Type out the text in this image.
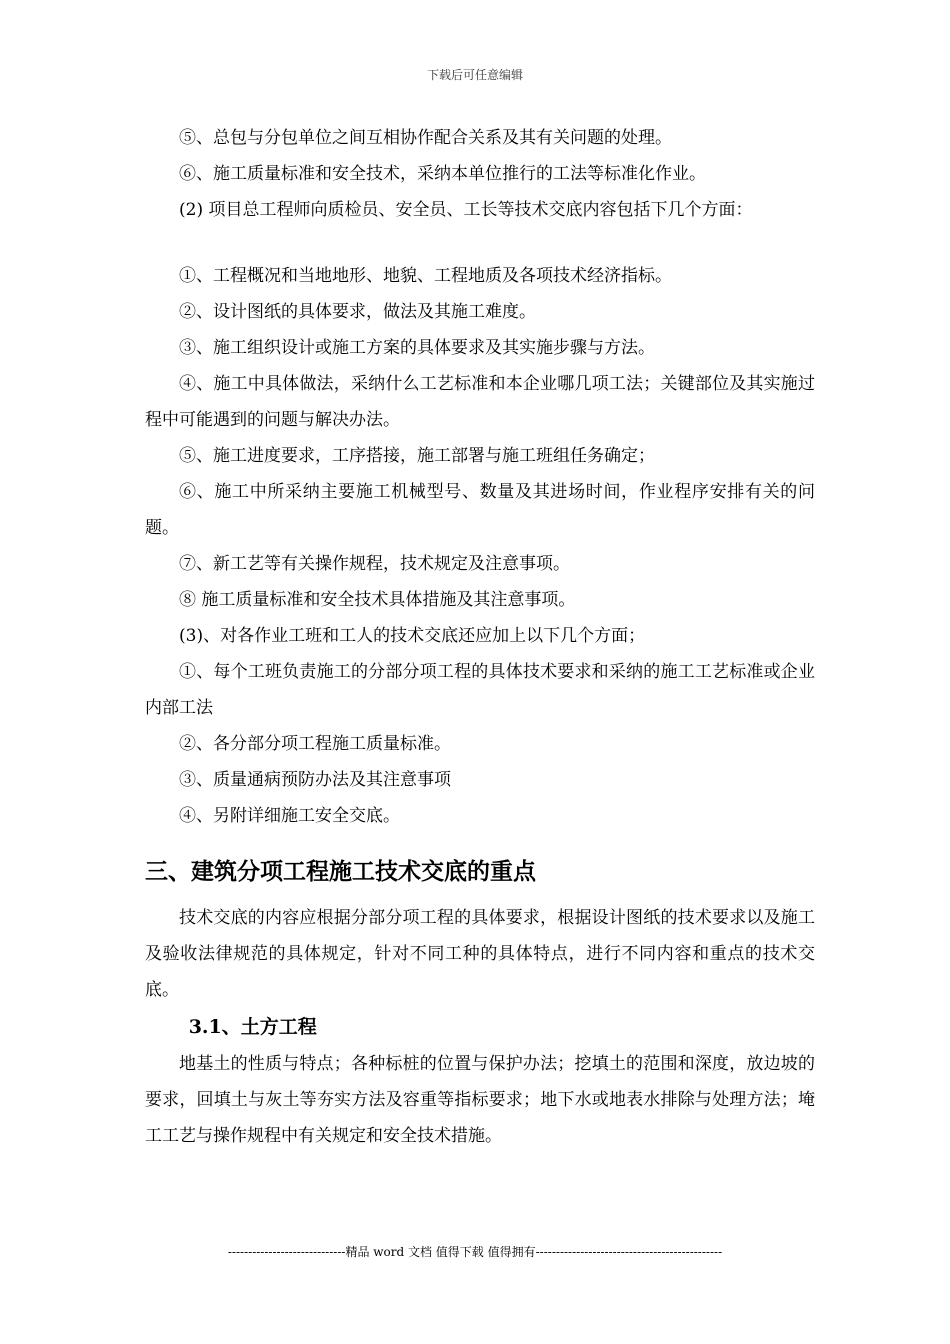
下载后可任意编辑

⑤、总包与分包单位之间互相协作配合关系及其有关问题的处理。

⑥、施工质量标准和安全技术，采纳本单位推行的工法等标准化作业。

(2) 项目总工程师向质检员、安全员、工长等技术交底内容包括下几个方面：

①、工程概况和当地地形、地貌、工程地质及各项技术经济指标。

②、设计图纸的具体要求，做法及其施工难度。

③、施工组织设计或施工方案的具体要求及其实施步骤与方法。

④、施工中具体做法，采纳什么工艺标准和本企业哪几项工法；关键部位及其实施过程中可能遇到的问题与解决办法。

⑤、施工进度要求，工序搭接，施工部署与施工班组任务确定；

⑥、施工中所采纳主要施工机械型号、数量及其进场时间，作业程序安排有关的问题。

⑦、新工艺等有关操作规程，技术规定及注意事项。

⑧ 施工质量标准和安全技术具体措施及其注意事项。

(3)、对各作业工班和工人的技术交底还应加上以下几个方面；

①、每个工班负责施工的分部分项工程的具体技术要求和采纳的施工工艺标准或企业内部工法

②、各分部分项工程施工质量标准。

③、质量通病预防办法及其注意事项

④、另附详细施工安全交底。

三、建筑分项工程施工技术交底的重点

技术交底的内容应根据分部分项工程的具体要求，根据设计图纸的技术要求以及施工及验收法律规范的具体规定，针对不同工种的具体特点，进行不同内容和重点的技术交底。

3.1、土方工程

地基土的性质与特点；各种标桩的位置与保护办法；挖填土的范围和深度，放边坡的要求，回填土与灰土等夯实方法及容重等指标要求；地下水或地表水排除与处理方法；埯工工艺与操作规程中有关规定和安全技术措施。

-----------------------------精品 word 文档 值得下载 值得拥有----------------------------------------------
